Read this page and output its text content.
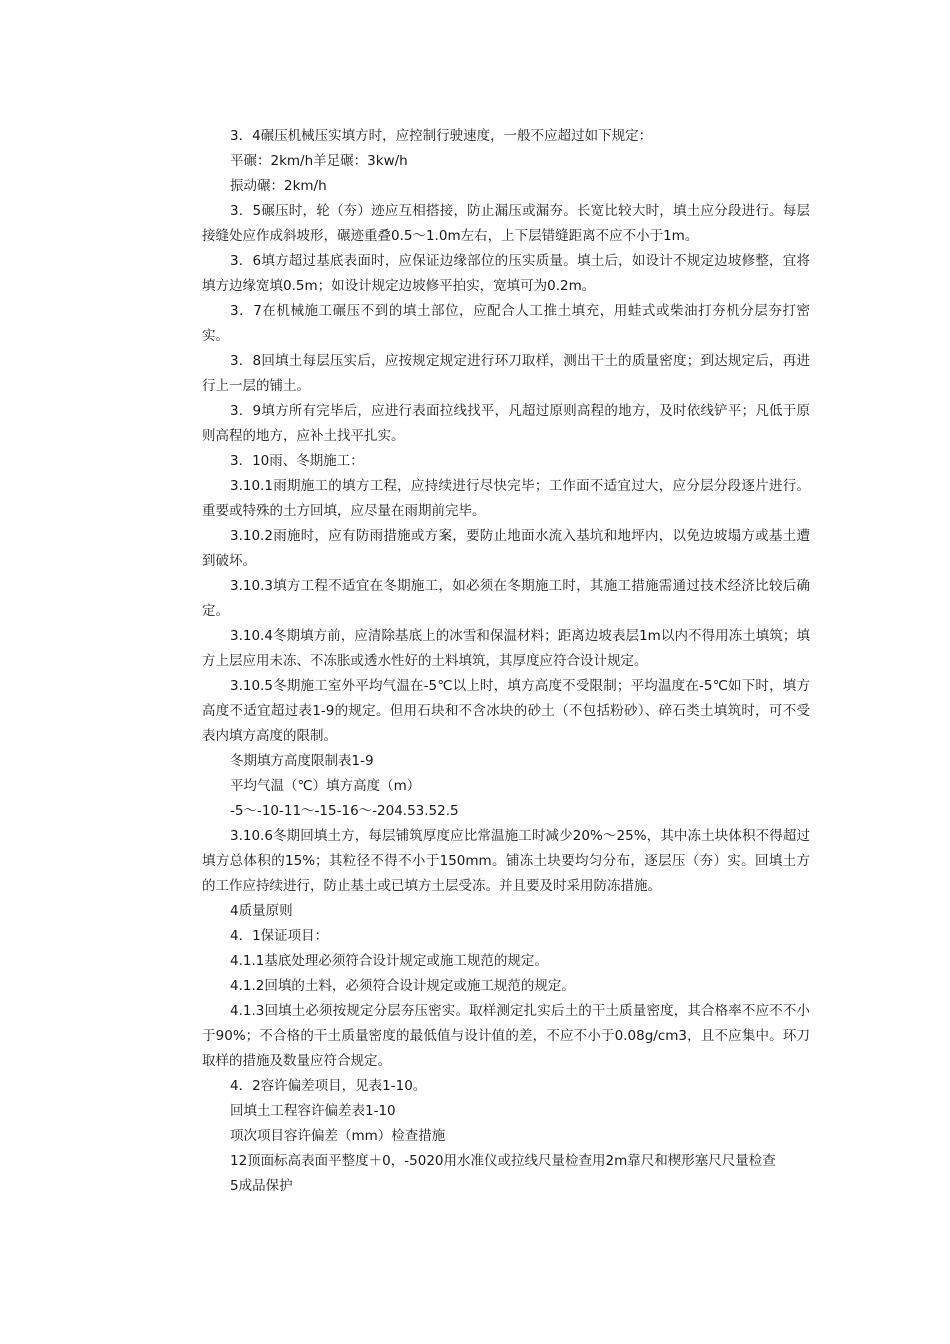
3．4碾压机械压实填方时，应控制行驶速度，一般不应超过如下规定：

平碾：2km/h羊足碾：3kw/h

振动碾：2km/h

3．5碾压时，轮（夯）迹应互相搭接，防止漏压或漏夯。长宽比较大时，填土应分段进行。每层接缝处应作成斜坡形，碾迹重叠0.5～1.0m左右，上下层错缝距离不应不小于1m。

3．6填方超过基底表面时，应保证边缘部位的压实质量。填土后，如设计不规定边坡修整，宜将填方边缘宽填0.5m；如设计规定边坡修平拍实，宽填可为0.2m。

3．7在机械施工碾压不到的填土部位，应配合人工推土填充，用蛙式或柴油打夯机分层夯打密实。

3．8回填土每层压实后，应按规定规定进行环刀取样，测出干土的质量密度；到达规定后，再进行上一层的铺土。

3．9填方所有完毕后，应进行表面拉线找平，凡超过原则高程的地方，及时依线铲平；凡低于原则高程的地方，应补土找平扎实。

3．10雨、冬期施工：

3.10.1雨期施工的填方工程，应持续进行尽快完毕；工作面不适宜过大，应分层分段逐片进行。重要或特殊的土方回填，应尽量在雨期前完毕。

3.10.2雨施时，应有防雨措施或方案，要防止地面水流入基坑和地坪内，以免边坡塌方或基土遭到破坏。

3.10.3填方工程不适宜在冬期施工，如必须在冬期施工时，其施工措施需通过技术经济比较后确定。

3.10.4冬期填方前，应清除基底上的冰雪和保温材料；距离边坡表层1m以内不得用冻土填筑；填方上层应用未冻、不冻胀或透水性好的土料填筑，其厚度应符合设计规定。

3.10.5冬期施工室外平均气温在-5℃以上时，填方高度不受限制；平均温度在-5℃如下时，填方高度不适宜超过表1-9的规定。但用石块和不含冰块的砂土（不包括粉砂）、碎石类土填筑时，可不受表内填方高度的限制。

冬期填方高度限制表1-9

平均气温（℃）填方高度（m）

-5～-10-11～-15-16～-204.53.52.5

3.10.6冬期回填土方，每层铺筑厚度应比常温施工时减少20%～25%，其中冻土块体积不得超过填方总体积的15%；其粒径不得不小于150mm。铺冻土块要均匀分布，逐层压（夯）实。回填土方的工作应持续进行，防止基土或已填方土层受冻。并且要及时采用防冻措施。

4质量原则

4．1保证项目：

4.1.1基底处理必须符合设计规定或施工规范的规定。

4.1.2回填的土料，必须符合设计规定或施工规范的规定。

4.1.3回填土必须按规定分层夯压密实。取样测定扎实后土的干土质量密度，其合格率不应不不小于90%；不合格的干土质量密度的最低值与设计值的差，不应不小于0.08g/cm3，且不应集中。环刀取样的措施及数量应符合规定。

4．2容许偏差项目，见表1-10。

回填土工程容许偏差表1-10

项次项目容许偏差（mm）检查措施

12顶面标高表面平整度＋0，-5020用水准仪或拉线尺量检查用2m靠尺和楔形塞尺尺量检查

5成品保护
